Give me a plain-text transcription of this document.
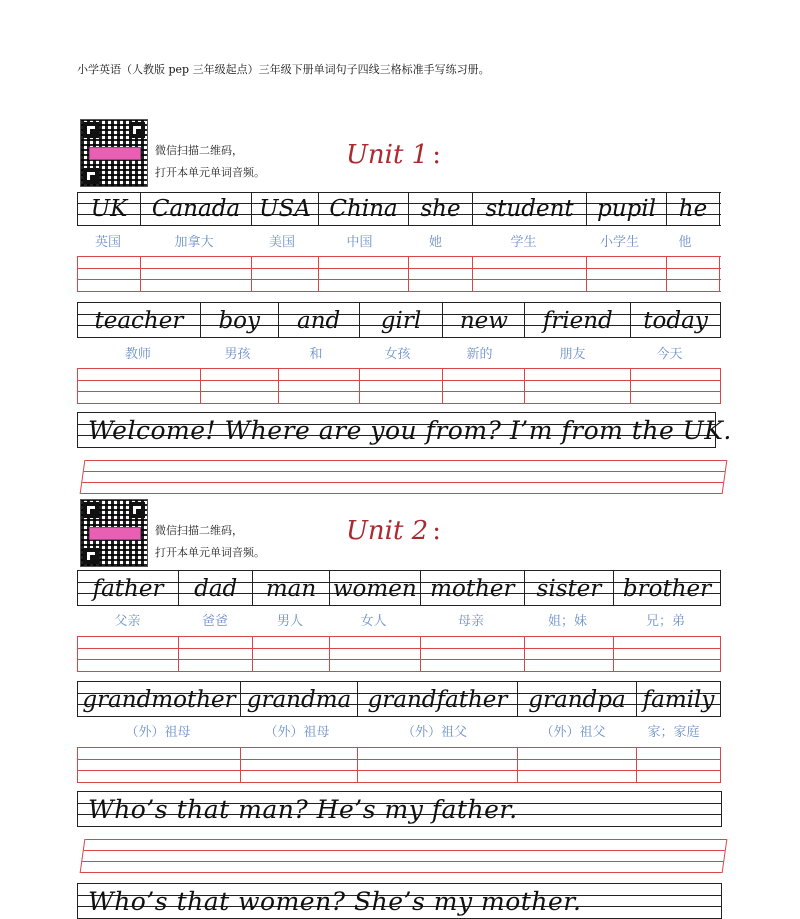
小学英语（人教版 pep 三年级起点）三年级下册单词句子四线三格标准手写练习册。
微信扫描二维码，
打开本单元单词音频。
Unit 1 :
UK	Canada USA China she	student	pupil he
英国	加拿大	美国	中国	她	学生	小学生	他
teacher	boy	and	girl	new	friend	today
教师	男孩	和	女孩	新的	朋友	今天
Welcome! Where are you from? I’m from the UK.
微信扫描二维码，
打开本单元单词音频。
Unit 2 :
father	dad	man women mother sister brother
父亲	爸爸	男人	女人	母亲	姐；妹	兄；弟
grandmother grandma grandfather grandpa family
（外）祖母	（外）祖母	（外）祖父	（外）祖父	家；家庭
Who’s that man? He’s my father.
Who’s that women? She’s my mother.
